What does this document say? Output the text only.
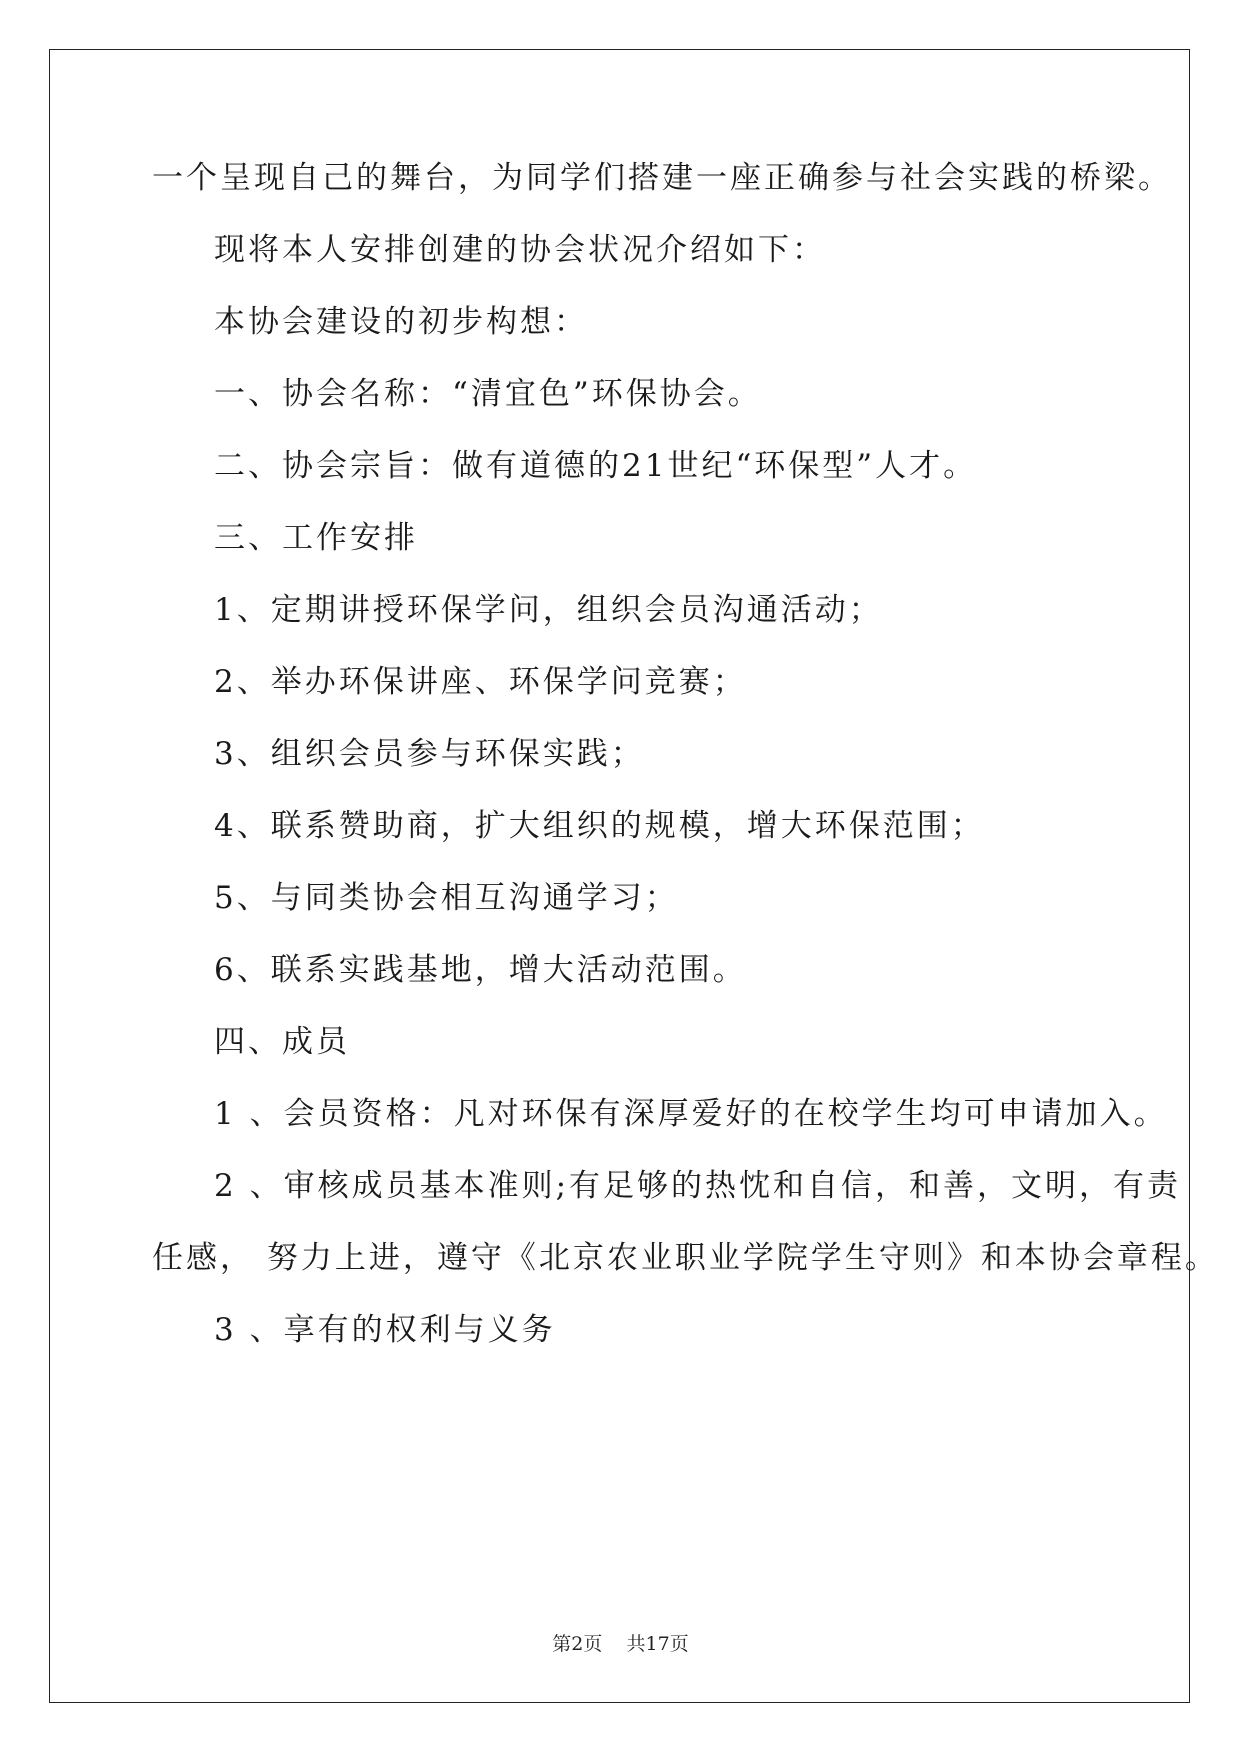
一个呈现自己的舞台，为同学们搭建一座正确参与社会实践的桥梁。
现将本人安排创建的协会状况介绍如下：
本协会建设的初步构想：
一、协会名称：“清宜色”环保协会。
二、协会宗旨：做有道德的21世纪“环保型”人才。
三、工作安排
1、定期讲授环保学问，组织会员沟通活动；
2、举办环保讲座、环保学问竞赛；
3、组织会员参与环保实践；
4、联系赞助商，扩大组织的规模，增大环保范围；
5、与同类协会相互沟通学习；
6、联系实践基地，增大活动范围。
四、成员
1 、会员资格：凡对环保有深厚爱好的在校学生均可申请加入。
2 、审核成员基本准则;有足够的热忱和自信，和善，文明，有责
任感， 努力上进，遵守《北京农业职业学院学生守则》和本协会章程。
3 、享有的权利与义务
第2页    共17页
